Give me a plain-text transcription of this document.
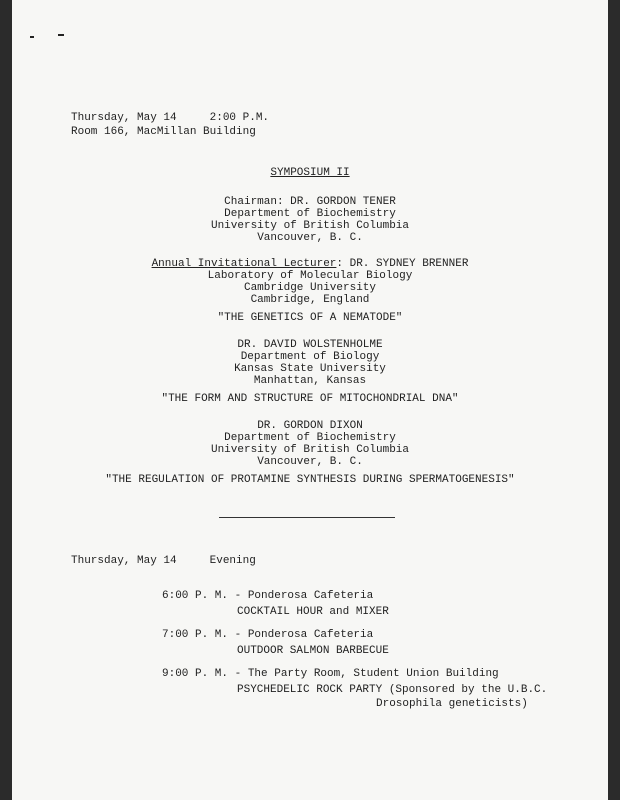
Thursday, May 14     2:00 P.M.
Room 166, MacMillan Building
SYMPOSIUM II
Chairman: DR. GORDON TENER
Department of Biochemistry
University of British Columbia
Vancouver, B. C.
Annual Invitational Lecturer: DR. SYDNEY BRENNER
Laboratory of Molecular Biology
Cambridge University
Cambridge, England
"THE GENETICS OF A NEMATODE"
DR. DAVID WOLSTENHOLME
Department of Biology
Kansas State University
Manhattan, Kansas
"THE FORM AND STRUCTURE OF MITOCHONDRIAL DNA"
DR. GORDON DIXON
Department of Biochemistry
University of British Columbia
Vancouver, B. C.
"THE REGULATION OF PROTAMINE SYNTHESIS DURING SPERMATOGENESIS"
Thursday, May 14     Evening
6:00 P. M. - Ponderosa Cafeteria
COCKTAIL HOUR and MIXER
7:00 P. M. - Ponderosa Cafeteria
OUTDOOR SALMON BARBECUE
9:00 P. M. - The Party Room, Student Union Building
PSYCHEDELIC ROCK PARTY (Sponsored by the U.B.C.
Drosophila geneticists)
